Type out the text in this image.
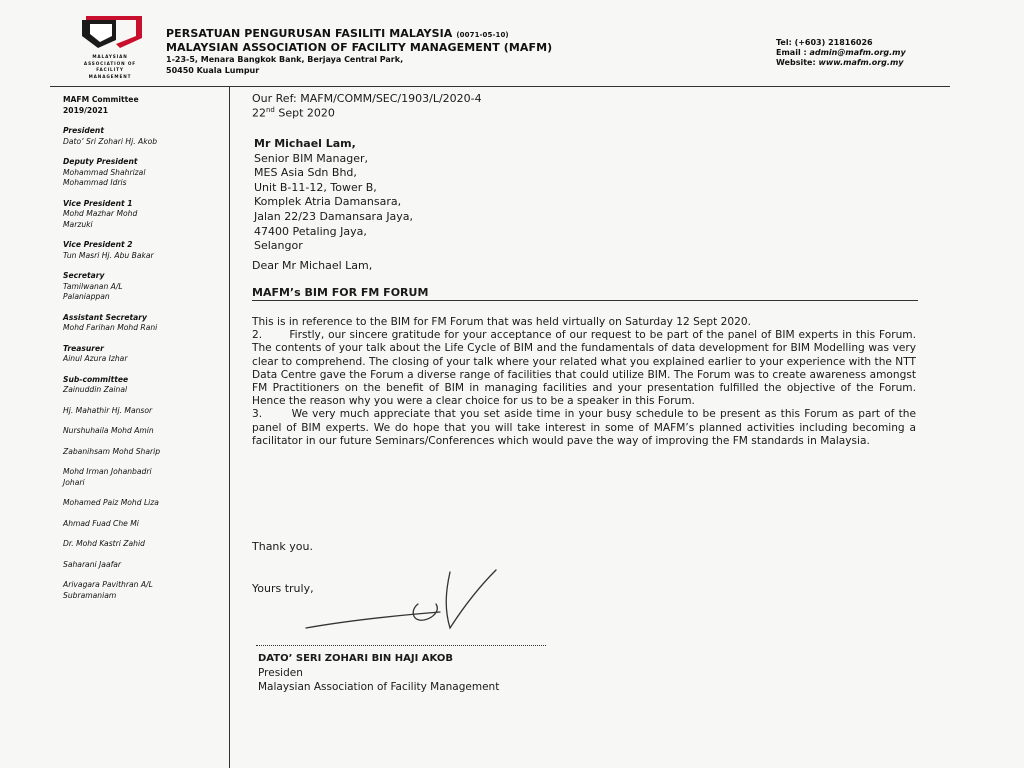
MALAYSIAN
ASSOCIATION OF
FACILITY
MANAGEMENT
PERSATUAN PENGURUSAN FASILITI MALAYSIA (0071-05-10)
MALAYSIAN ASSOCIATION OF FACILITY MANAGEMENT (MAFM)
1-23-5, Menara Bangkok Bank, Berjaya Central Park,
50450 Kuala Lumpur
Tel: (+603) 21816026
Email : admin@mafm.org.my
Website: www.mafm.org.my
MAFM Committee
2019/2021
President
Dato’ Sri Zohari Hj. Akob
Deputy President
Mohammad Shahrizal
Mohammad Idris
Vice President 1
Mohd Mazhar Mohd
Marzuki
Vice President 2
Tun Masri Hj. Abu Bakar
Secretary
Tamilwanan A/L
Palaniappan
Assistant Secretary
Mohd Farihan Mohd Rani
Treasurer
Ainul Azura Izhar
Sub-committee
Zainuddin Zainal
Hj. Mahathir Hj. Mansor
Nurshuhaila Mohd Amin
Zabanihsam Mohd Sharip
Mohd Irman Johanbadri
Johari
Mohamed Paiz Mohd Liza
Ahmad Fuad Che Mi
Dr. Mohd Kastri Zahid
Saharani Jaafar
Arivagara Pavithran A/L
Subramaniam
Our Ref: MAFM/COMM/SEC/1903/L/2020-4
22nd Sept 2020
Mr Michael Lam,
Senior BIM Manager,
MES Asia Sdn Bhd,
Unit B-11-12, Tower B,
Komplek Atria Damansara,
Jalan 22/23 Damansara Jaya,
47400 Petaling Jaya,
Selangor
Dear Mr Michael Lam,
MAFM’s BIM FOR FM FORUM

This is in reference to the BIM for FM Forum that was held virtually on Saturday 12 Sept 2020.

2.       Firstly, our sincere gratitude for your acceptance of our request to be part of the panel of BIM experts in this Forum. The contents of your talk about the Life Cycle of BIM and the fundamentals of data development for BIM Modelling was very clear to comprehend. The closing of your talk where your related what you explained earlier to your experience with the NTT Data Centre gave the Forum a diverse range of facilities that could utilize BIM. The Forum was to create awareness amongst FM Practitioners on the benefit of BIM in managing facilities and your presentation fulfilled the objective of the Forum. Hence the reason why you were a clear choice for us to be a speaker in this Forum.

3.       We very much appreciate that you set aside time in your busy schedule to be present as this Forum as part of the panel of BIM experts. We do hope that you will take interest in some of MAFM’s planned activities including becoming a facilitator in our future Seminars/Conferences which would pave the way of improving the FM standards in Malaysia.

Thank you.
Yours truly,
DATO’ SERI ZOHARI BIN HAJI AKOB
Presiden
Malaysian Association of Facility Management
